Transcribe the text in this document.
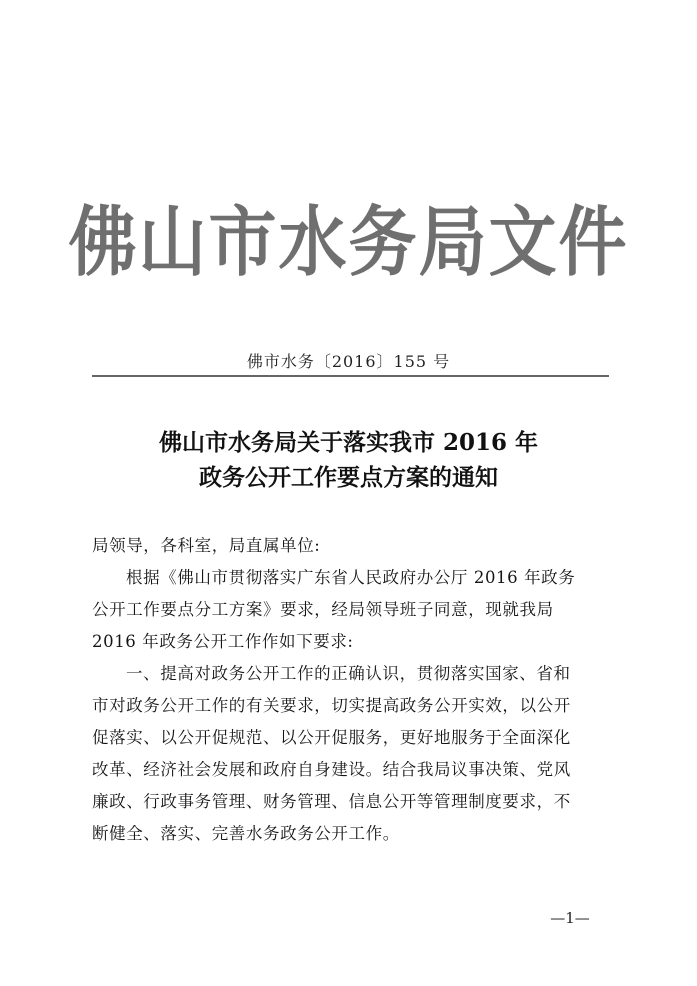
佛山市水务局文件
佛市水务〔2016〕155 号
佛山市水务局关于落实我市 2016 年
政务公开工作要点方案的通知

局领导，各科室，局直属单位:

根据《佛山市贯彻落实广东省人民政府办公厅 2016 年政务

公开工作要点分工方案》要求，经局领导班子同意，现就我局

2016 年政务公开工作作如下要求:

一、提高对政务公开工作的正确认识，贯彻落实国家、省和

市对政务公开工作的有关要求，切实提高政务公开实效，以公开

促落实、以公开促规范、以公开促服务，更好地服务于全面深化

改革、经济社会发展和政府自身建设。结合我局议事决策、党风

廉政、行政事务管理、财务管理、信息公开等管理制度要求，不

断健全、落实、完善水务政务公开工作。

—1—
